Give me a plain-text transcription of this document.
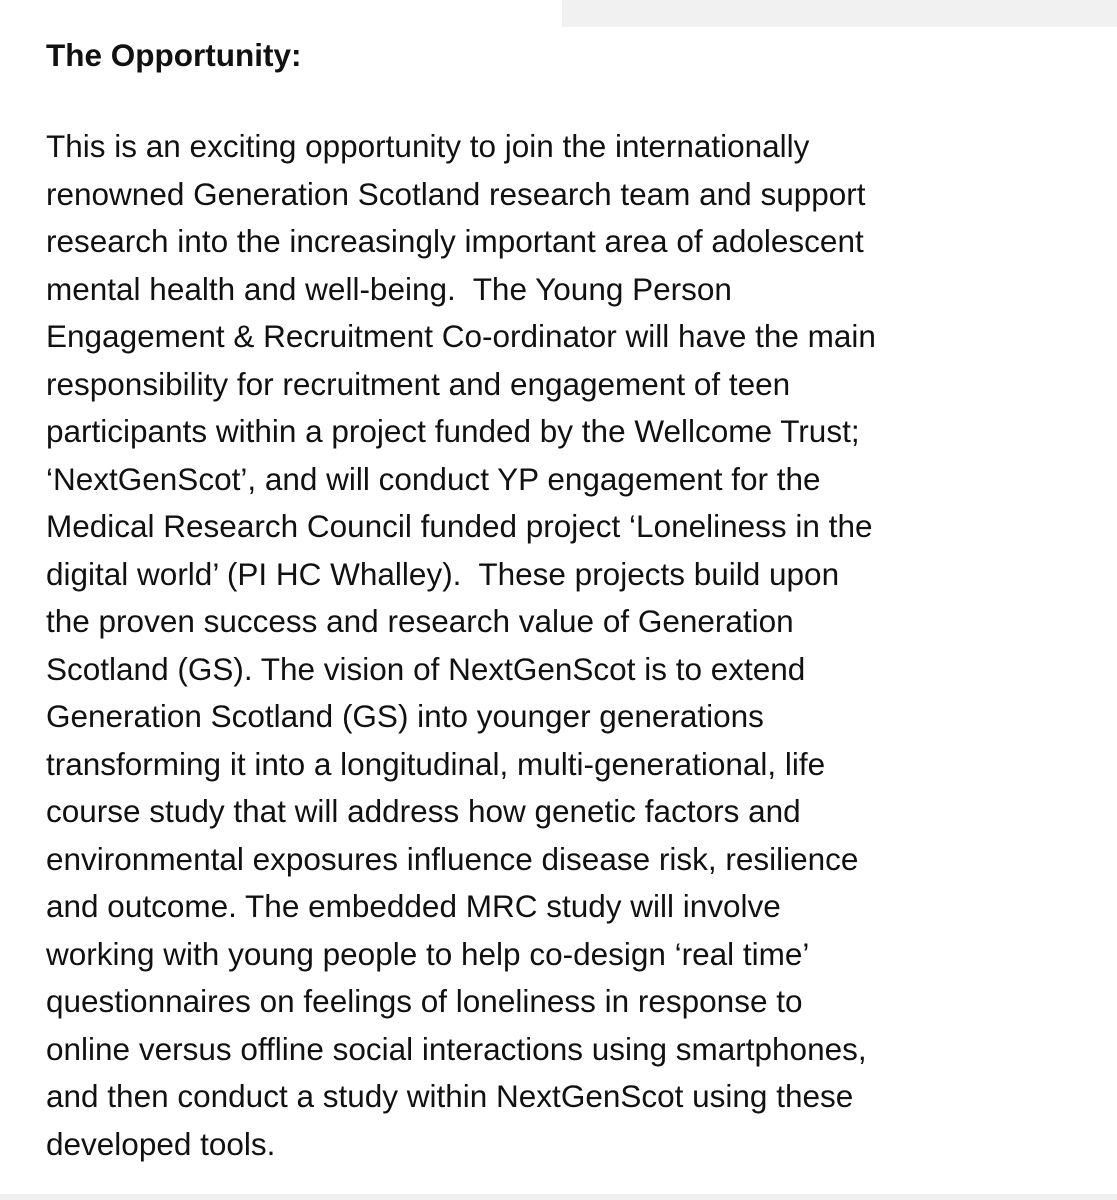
The Opportunity:

This is an exciting opportunity to join the internationally
renowned Generation Scotland research team and support
research into the increasingly important area of adolescent
mental health and well-being.  The Young Person
Engagement & Recruitment Co-ordinator will have the main
responsibility for recruitment and engagement of teen
participants within a project funded by the Wellcome Trust;
‘NextGenScot’, and will conduct YP engagement for the
Medical Research Council funded project ‘Loneliness in the
digital world’ (PI HC Whalley).  These projects build upon
the proven success and research value of Generation
Scotland (GS). The vision of NextGenScot is to extend
Generation Scotland (GS) into younger generations
transforming it into a longitudinal, multi-generational, life
course study that will address how genetic factors and
environmental exposures influence disease risk, resilience
and outcome. The embedded MRC study will involve
working with young people to help co-design ‘real time’
questionnaires on feelings of loneliness in response to
online versus offline social interactions using smartphones,
and then conduct a study within NextGenScot using these
developed tools.
